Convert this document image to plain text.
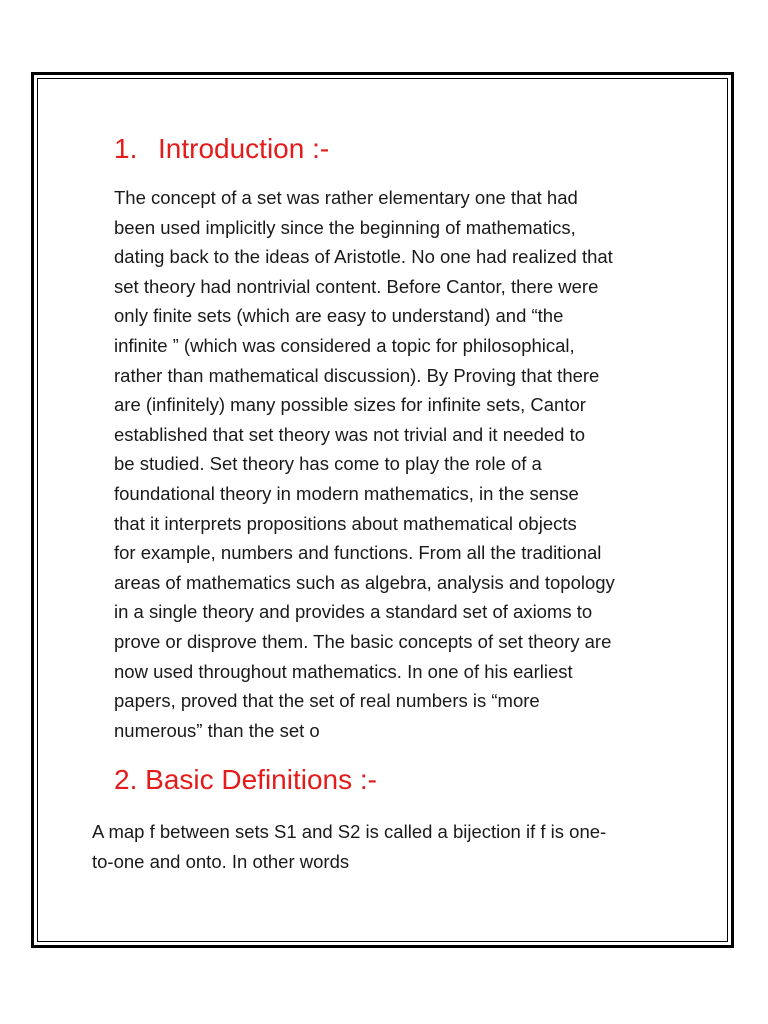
1. Introduction :-

The concept of a set was rather elementary one that had
been used implicitly since the beginning of mathematics,
dating back to the ideas of Aristotle. No one had realized that
set theory had nontrivial content. Before Cantor, there were
only finite sets (which are easy to understand) and “the
infinite ” (which was considered a topic for philosophical,
rather than mathematical discussion). By Proving that there
are (infinitely) many possible sizes for infinite sets, Cantor
established that set theory was not trivial and it needed to
be studied. Set theory has come to play the role of a
foundational theory in modern mathematics, in the sense
that it interprets propositions about mathematical objects
for example, numbers and functions. From all the traditional
areas of mathematics such as algebra, analysis and topology
in a single theory and provides a standard set of axioms to
prove or disprove them. The basic concepts of set theory are
now used throughout mathematics. In one of his earliest
papers, proved that the set of real numbers is “more
numerous” than the set o

2. Basic Definitions :-

A map f between sets S1 and S2 is called a bijection if f is one-
to-one and onto. In other words
